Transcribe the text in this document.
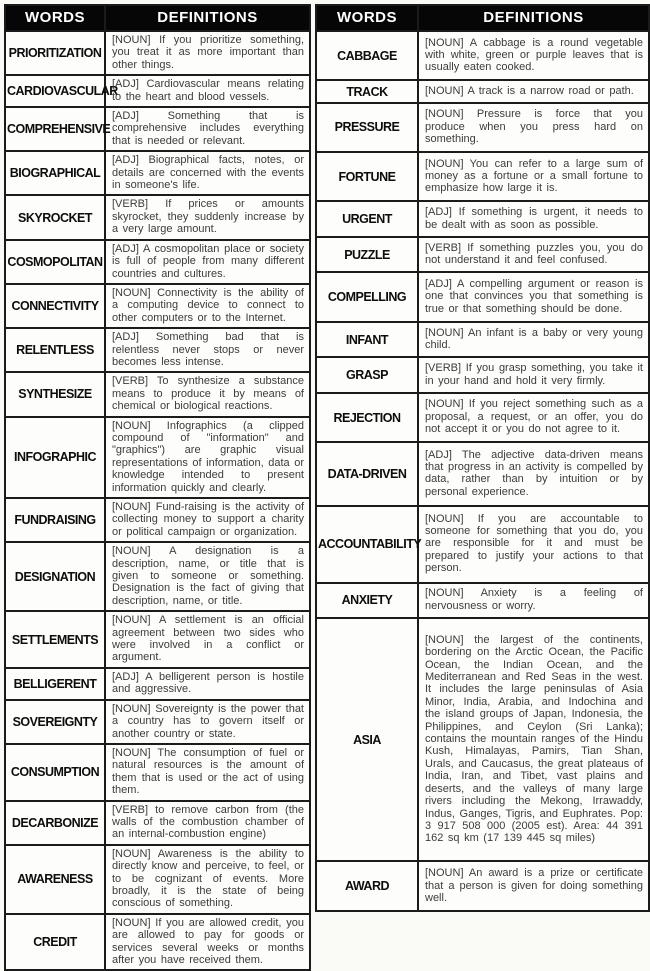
WORDS	DEFINITIONS
PRIORITIZATION	[NOUN] If you prioritize something, you treat it as more important than other things.
CARDIOVASCULAR	[ADJ] Cardiovascular means relating to the heart and blood vessels.
COMPREHENSIVE	[ADJ] Something that is comprehensive includes everything that is needed or relevant.
BIOGRAPHICAL	[ADJ] Biographical facts, notes, or details are concerned with the events in someone's life.
SKYROCKET	[VERB] If prices or amounts skyrocket, they suddenly increase by a very large amount.
COSMOPOLITAN	[ADJ] A cosmopolitan place or society is full of people from many different countries and cultures.
CONNECTIVITY	[NOUN] Connectivity is the ability of a computing device to connect to other computers or to the Internet.
RELENTLESS	[ADJ] Something bad that is relentless never stops or never becomes less intense.
SYNTHESIZE	[VERB] To synthesize a substance means to produce it by means of chemical or biological reactions.
INFOGRAPHIC	[NOUN] Infographics (a clipped compound of "information" and "graphics") are graphic visual representations of information, data or knowledge intended to present information quickly and clearly.
FUNDRAISING	[NOUN] Fund-raising is the activity of collecting money to support a charity or political campaign or organization.
DESIGNATION	[NOUN] A designation is a description, name, or title that is given to someone or something. Designation is the fact of giving that description, name, or title.
SETTLEMENTS	[NOUN] A settlement is an official agreement between two sides who were involved in a conflict or argument.
BELLIGERENT	[ADJ] A belligerent person is hostile and aggressive.
SOVEREIGNTY	[NOUN] Sovereignty is the power that a country has to govern itself or another country or state.
CONSUMPTION	[NOUN] The consumption of fuel or natural resources is the amount of them that is used or the act of using them.
DECARBONIZE	[VERB] to remove carbon from (the walls of the combustion chamber of an internal-combustion engine)
AWARENESS	[NOUN] Awareness is the ability to directly know and perceive, to feel, or to be cognizant of events. More broadly, it is the state of being conscious of something.
CREDIT	[NOUN] If you are allowed credit, you are allowed to pay for goods or services several weeks or months after you have received them.
WORDS	DEFINITIONS
CABBAGE	[NOUN] A cabbage is a round vegetable with white, green or purple leaves that is usually eaten cooked.
TRACK	[NOUN] A track is a narrow road or path.
PRESSURE	[NOUN] Pressure is force that you produce when you press hard on something.
FORTUNE	[NOUN] You can refer to a large sum of money as a fortune or a small fortune to emphasize how large it is.
URGENT	[ADJ] If something is urgent, it needs to be dealt with as soon as possible.
PUZZLE	[VERB] If something puzzles you, you do not understand it and feel confused.
COMPELLING	[ADJ] A compelling argument or reason is one that convinces you that something is true or that something should be done.
INFANT	[NOUN] An infant is a baby or very young child.
GRASP	[VERB] If you grasp something, you take it in your hand and hold it very firmly.
REJECTION	[NOUN] If you reject something such as a proposal, a request, or an offer, you do not accept it or you do not agree to it.
DATA-DRIVEN	[ADJ] The adjective data-driven means that progress in an activity is compelled by data, rather than by intuition or by personal experience.
ACCOUNTABILITY	[NOUN] If you are accountable to someone for something that you do, you are responsible for it and must be prepared to justify your actions to that person.
ANXIETY	[NOUN] Anxiety is a feeling of nervousness or worry.
ASIA	[NOUN] the largest of the continents, bordering on the Arctic Ocean, the Pacific Ocean, the Indian Ocean, and the Mediterranean and Red Seas in the west. It includes the large peninsulas of Asia Minor, India, Arabia, and Indochina and the island groups of Japan, Indonesia, the Philippines, and Ceylon (Sri Lanka); contains the mountain ranges of the Hindu Kush, Himalayas, Pamirs, Tian Shan, Urals, and Caucasus, the great plateaus of India, Iran, and Tibet, vast plains and deserts, and the valleys of many large rivers including the Mekong, Irrawaddy, Indus, Ganges, Tigris, and Euphrates. Pop: 3 917 508 000 (2005 est). Area: 44 391 162 sq km (17 139 445 sq miles)
AWARD	[NOUN] An award is a prize or certificate that a person is given for doing something well.
